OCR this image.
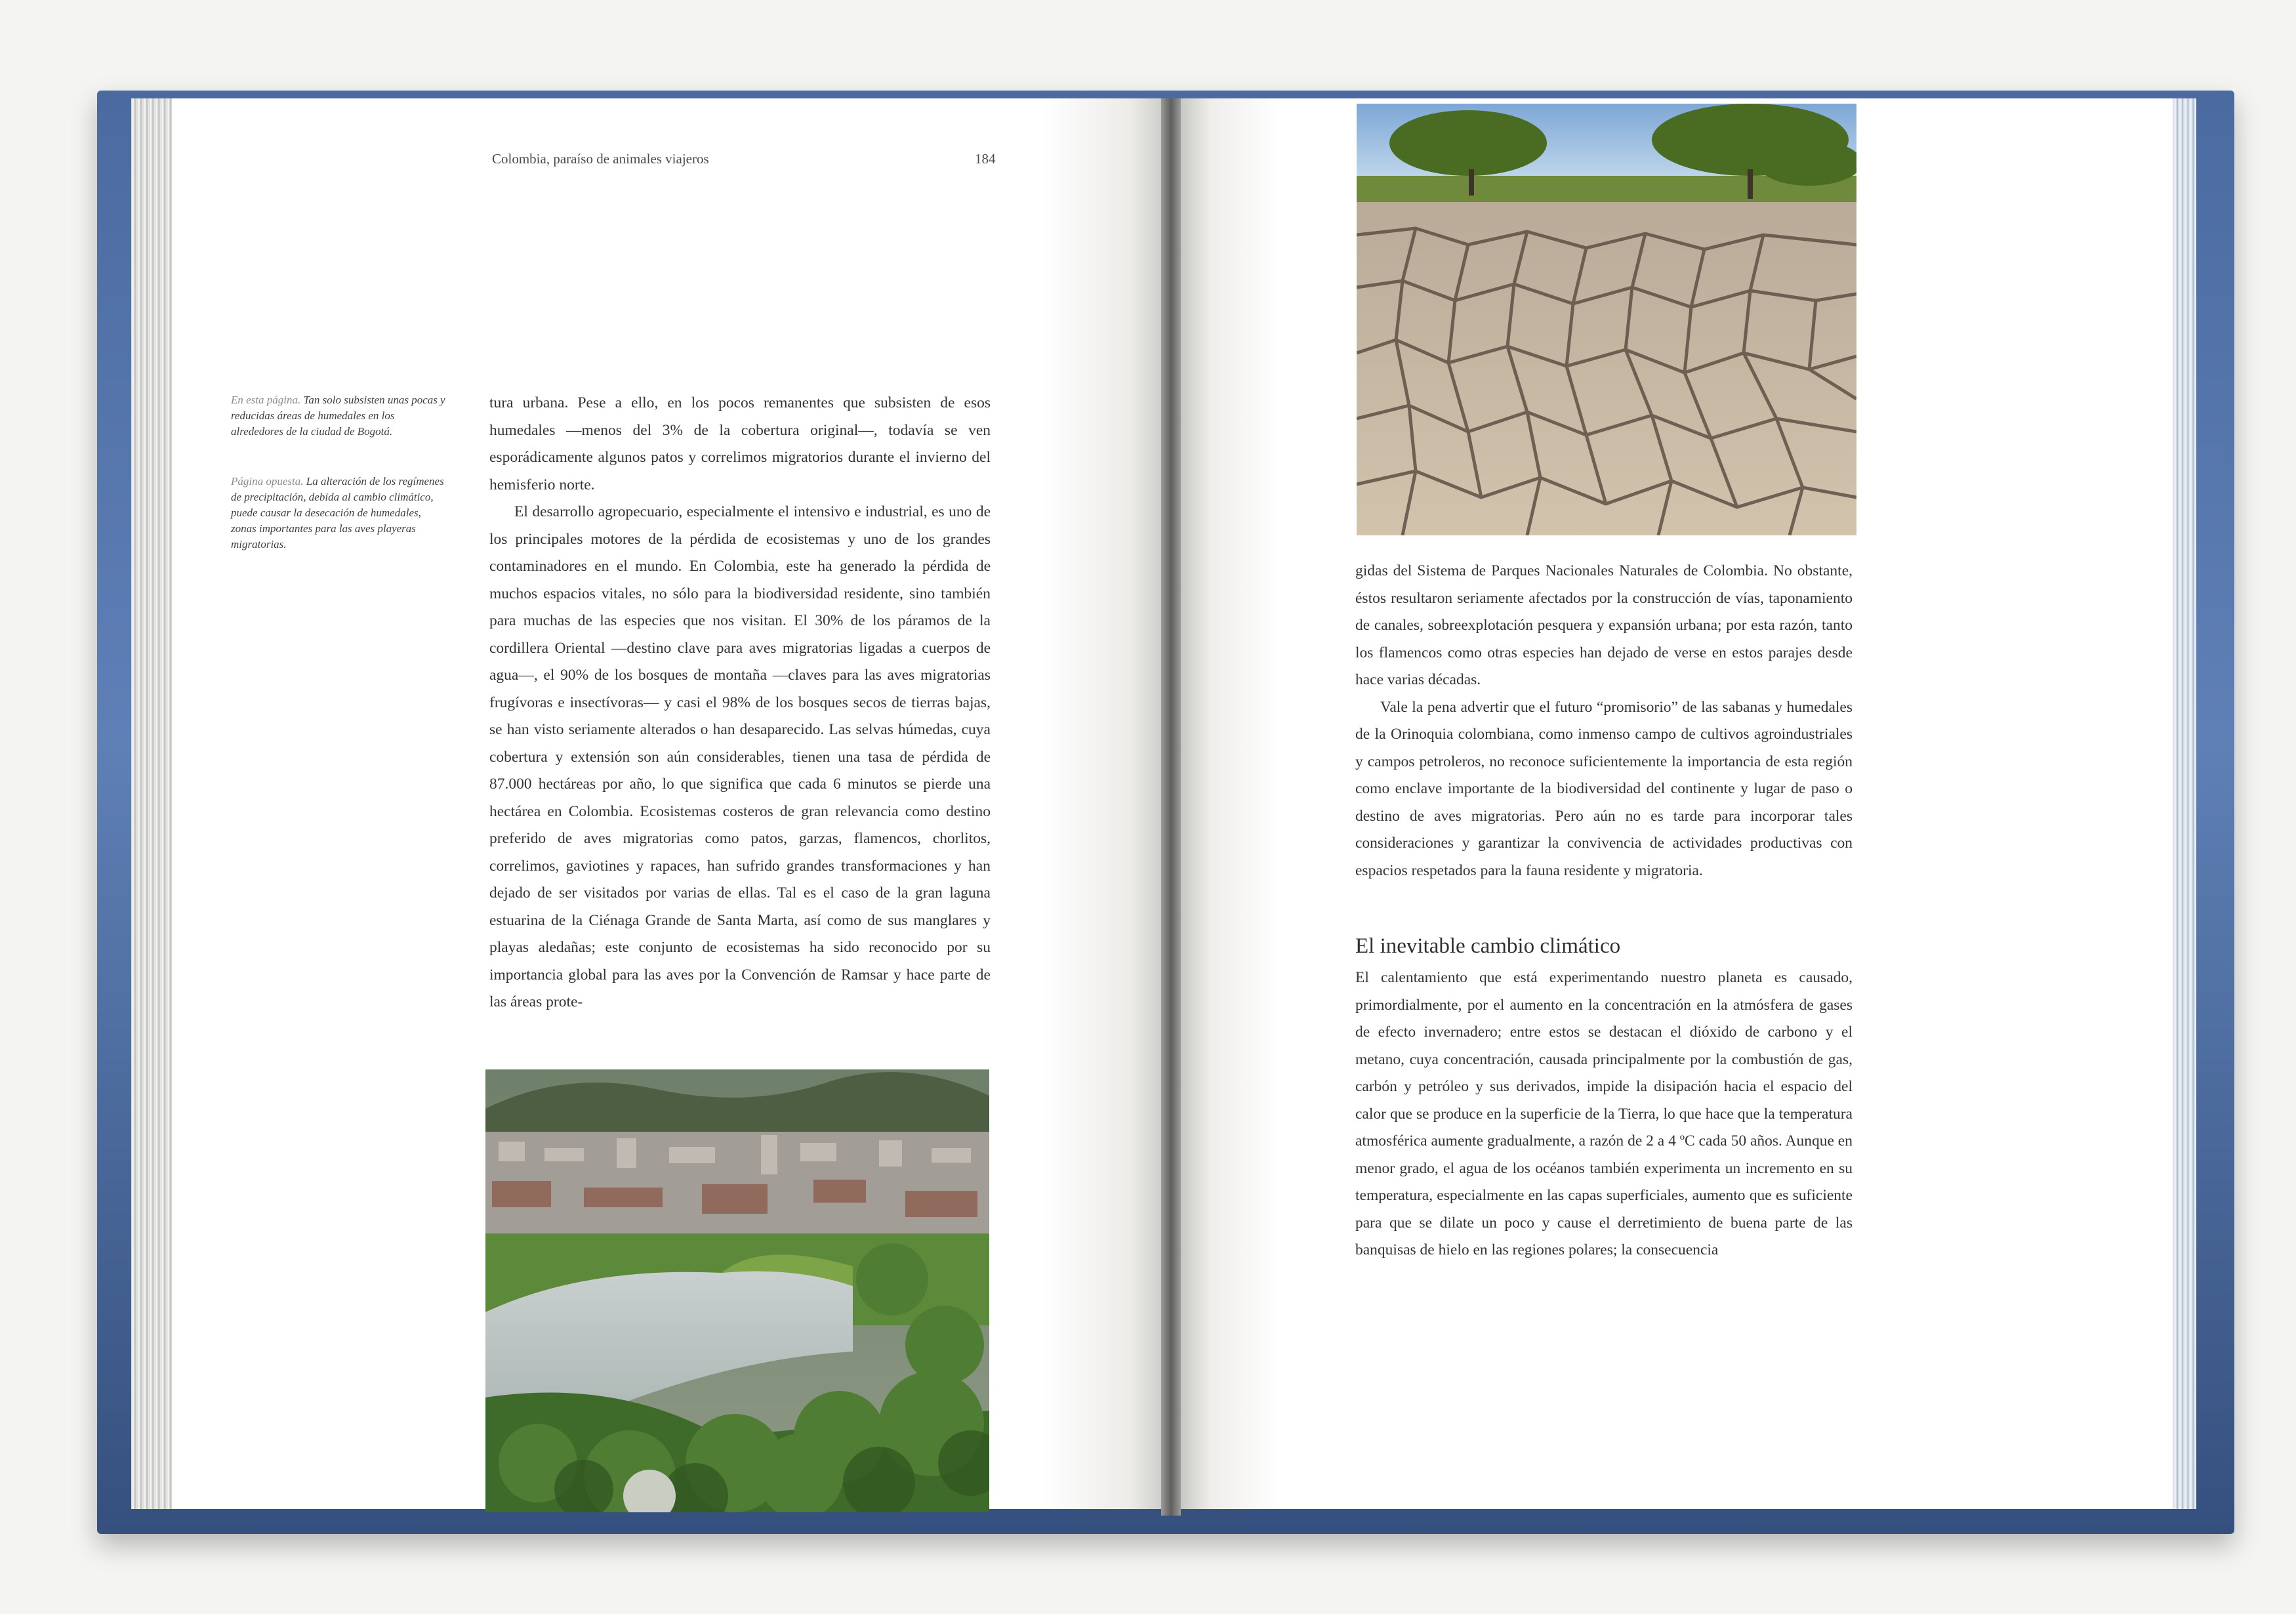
Colombia, paraíso de animales viajeros	184
En esta página. Tan solo subsisten unas pocas y reducidas áreas de humedales en los alrededores de la ciudad de Bogotá.
Página opuesta. La alteración de los regímenes de precipitación, debida al cambio climático, puede causar la desecación de humedales, zonas importantes para las aves playeras migratorias.

tura urbana. Pese a ello, en los pocos remanentes que subsisten de esos humedales —menos del 3% de la cobertura original—, todavía se ven esporádicamente algunos patos y correlimos migratorios durante el invierno del hemisferio norte.

El desarrollo agropecuario, especialmente el intensivo e industrial, es uno de los principales motores de la pérdida de ecosistemas y uno de los grandes contaminadores en el mundo. En Colombia, este ha generado la pérdida de muchos espacios vitales, no sólo para la biodiversidad residente, sino también para muchas de las especies que nos visitan. El 30% de los páramos de la cordillera Oriental —destino clave para aves migratorias ligadas a cuerpos de agua—, el 90% de los bosques de montaña —claves para las aves migratorias frugívoras e insectívoras— y casi el 98% de los bosques secos de tierras bajas, se han visto seriamente alterados o han desaparecido. Las selvas húmedas, cuya cobertura y extensión son aún considerables, tienen una tasa de pérdida de 87.000 hectáreas por año, lo que significa que cada 6 minutos se pierde una hectárea en Colombia. Ecosistemas costeros de gran relevancia como destino preferido de aves migratorias como patos, garzas, flamencos, chorlitos, correlimos, gaviotines y rapaces, han sufrido grandes transformaciones y han dejado de ser visitados por varias de ellas. Tal es el caso de la gran laguna estuarina de la Ciénaga Grande de Santa Marta, así como de sus manglares y playas aledañas; este conjunto de ecosistemas ha sido reconocido por su importancia global para las aves por la Convención de Ramsar y hace parte de las áreas prote-

gidas del Sistema de Parques Nacionales Naturales de Colombia. No obstante, éstos resultaron seriamente afectados por la construcción de vías, taponamiento de canales, sobreexplotación pesquera y expansión urbana; por esta razón, tanto los flamencos como otras especies han dejado de verse en estos parajes desde hace varias décadas.

Vale la pena advertir que el futuro “promisorio” de las sabanas y humedales de la Orinoquia colombiana, como inmenso campo de cultivos agroindustriales y campos petroleros, no reconoce suficientemente la importancia de esta región como enclave importante de la biodiversidad del continente y lugar de paso o destino de aves migratorias. Pero aún no es tarde para incorporar tales consideraciones y garantizar la convivencia de actividades productivas con espacios respetados para la fauna residente y migratoria.

El inevitable cambio climático

El calentamiento que está experimentando nuestro planeta es causado, primordialmente, por el aumento en la concentración en la atmósfera de gases de efecto invernadero; entre estos se destacan el dióxido de carbono y el metano, cuya concentración, causada principalmente por la combustión de gas, carbón y petróleo y sus derivados, impide la disipación hacia el espacio del calor que se produce en la superficie de la Tierra, lo que hace que la temperatura atmosférica aumente gradualmente, a razón de 2 a 4 ºC cada 50 años. Aunque en menor grado, el agua de los océanos también experimenta un incremento en su temperatura, especialmente en las capas superficiales, aumento que es suficiente para que se dilate un poco y cause el derretimiento de buena parte de las banquisas de hielo en las regiones polares; la consecuencia
